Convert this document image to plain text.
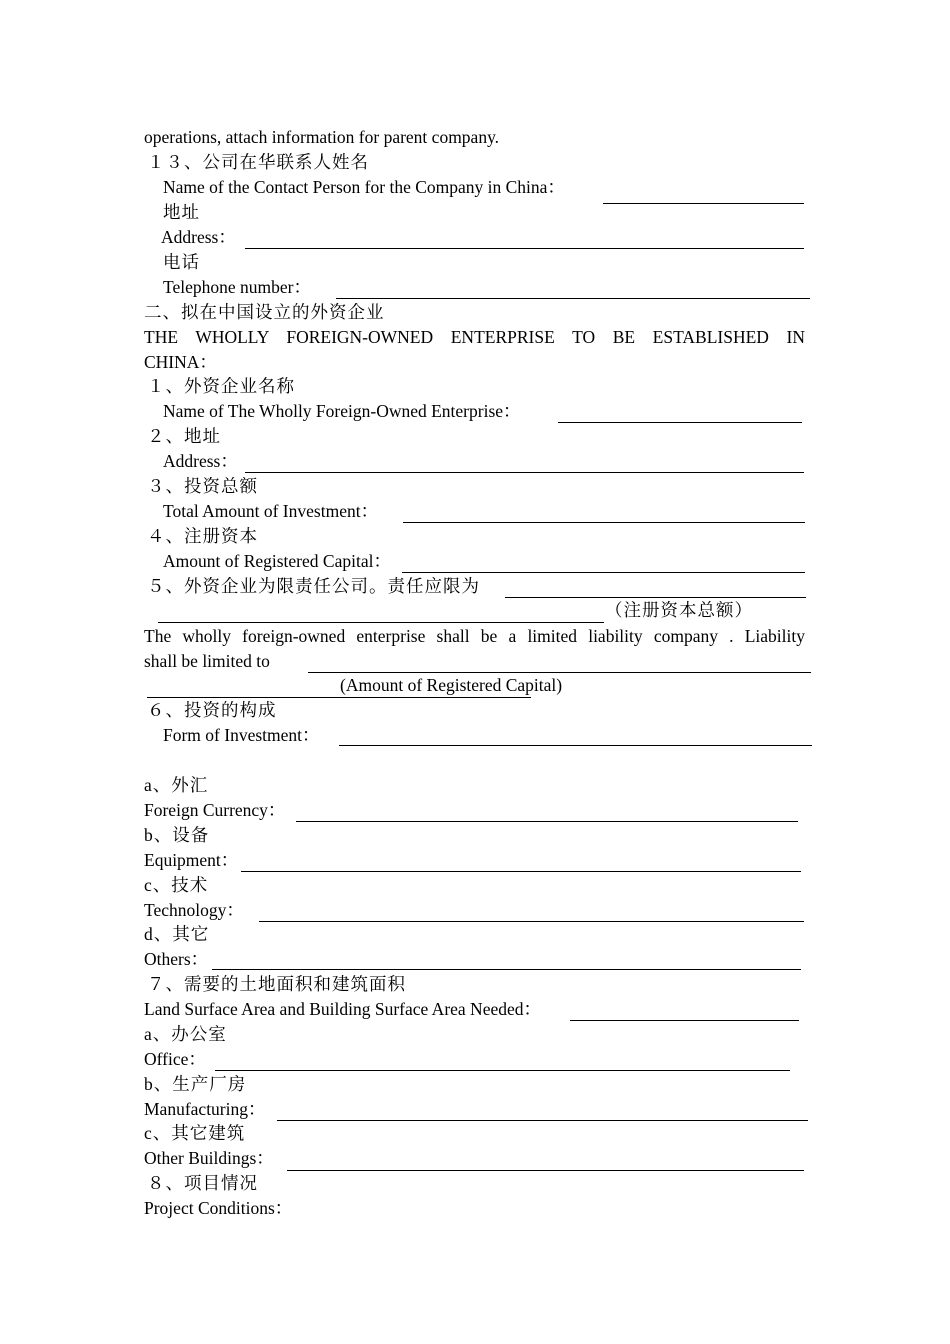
operations, attach information for parent company.
１３、公司在华联系人姓名
Name of the Contact Person for the Company in China：
地址
Address：
电话
Telephone number：
二、拟在中国设立的外资企业
THE WHOLLY FOREIGN-OWNED ENTERPRISE TO BE ESTABLISHED IN
CHINA：
１、外资企业名称
Name of The Wholly Foreign-Owned Enterprise：
２、地址
Address：
３、投资总额
Total Amount of Investment：
４、注册资本
Amount of Registered Capital：
５、外资企业为限责任公司。责任应限为
（注册资本总额）
The wholly foreign-owned enterprise shall be a limited liability company . Liability
shall be limited to
(Amount of Registered Capital)
６、投资的构成
Form of Investment：
a、外汇
Foreign Currency：
b、设备
Equipment：
c、技术
Technology：
d、其它
Others：
７、需要的土地面积和建筑面积
Land Surface Area and Building Surface Area Needed：
a、办公室
Office：
b、生产厂房
Manufacturing：
c、其它建筑
Other Buildings：
８、项目情况
Project Conditions：
